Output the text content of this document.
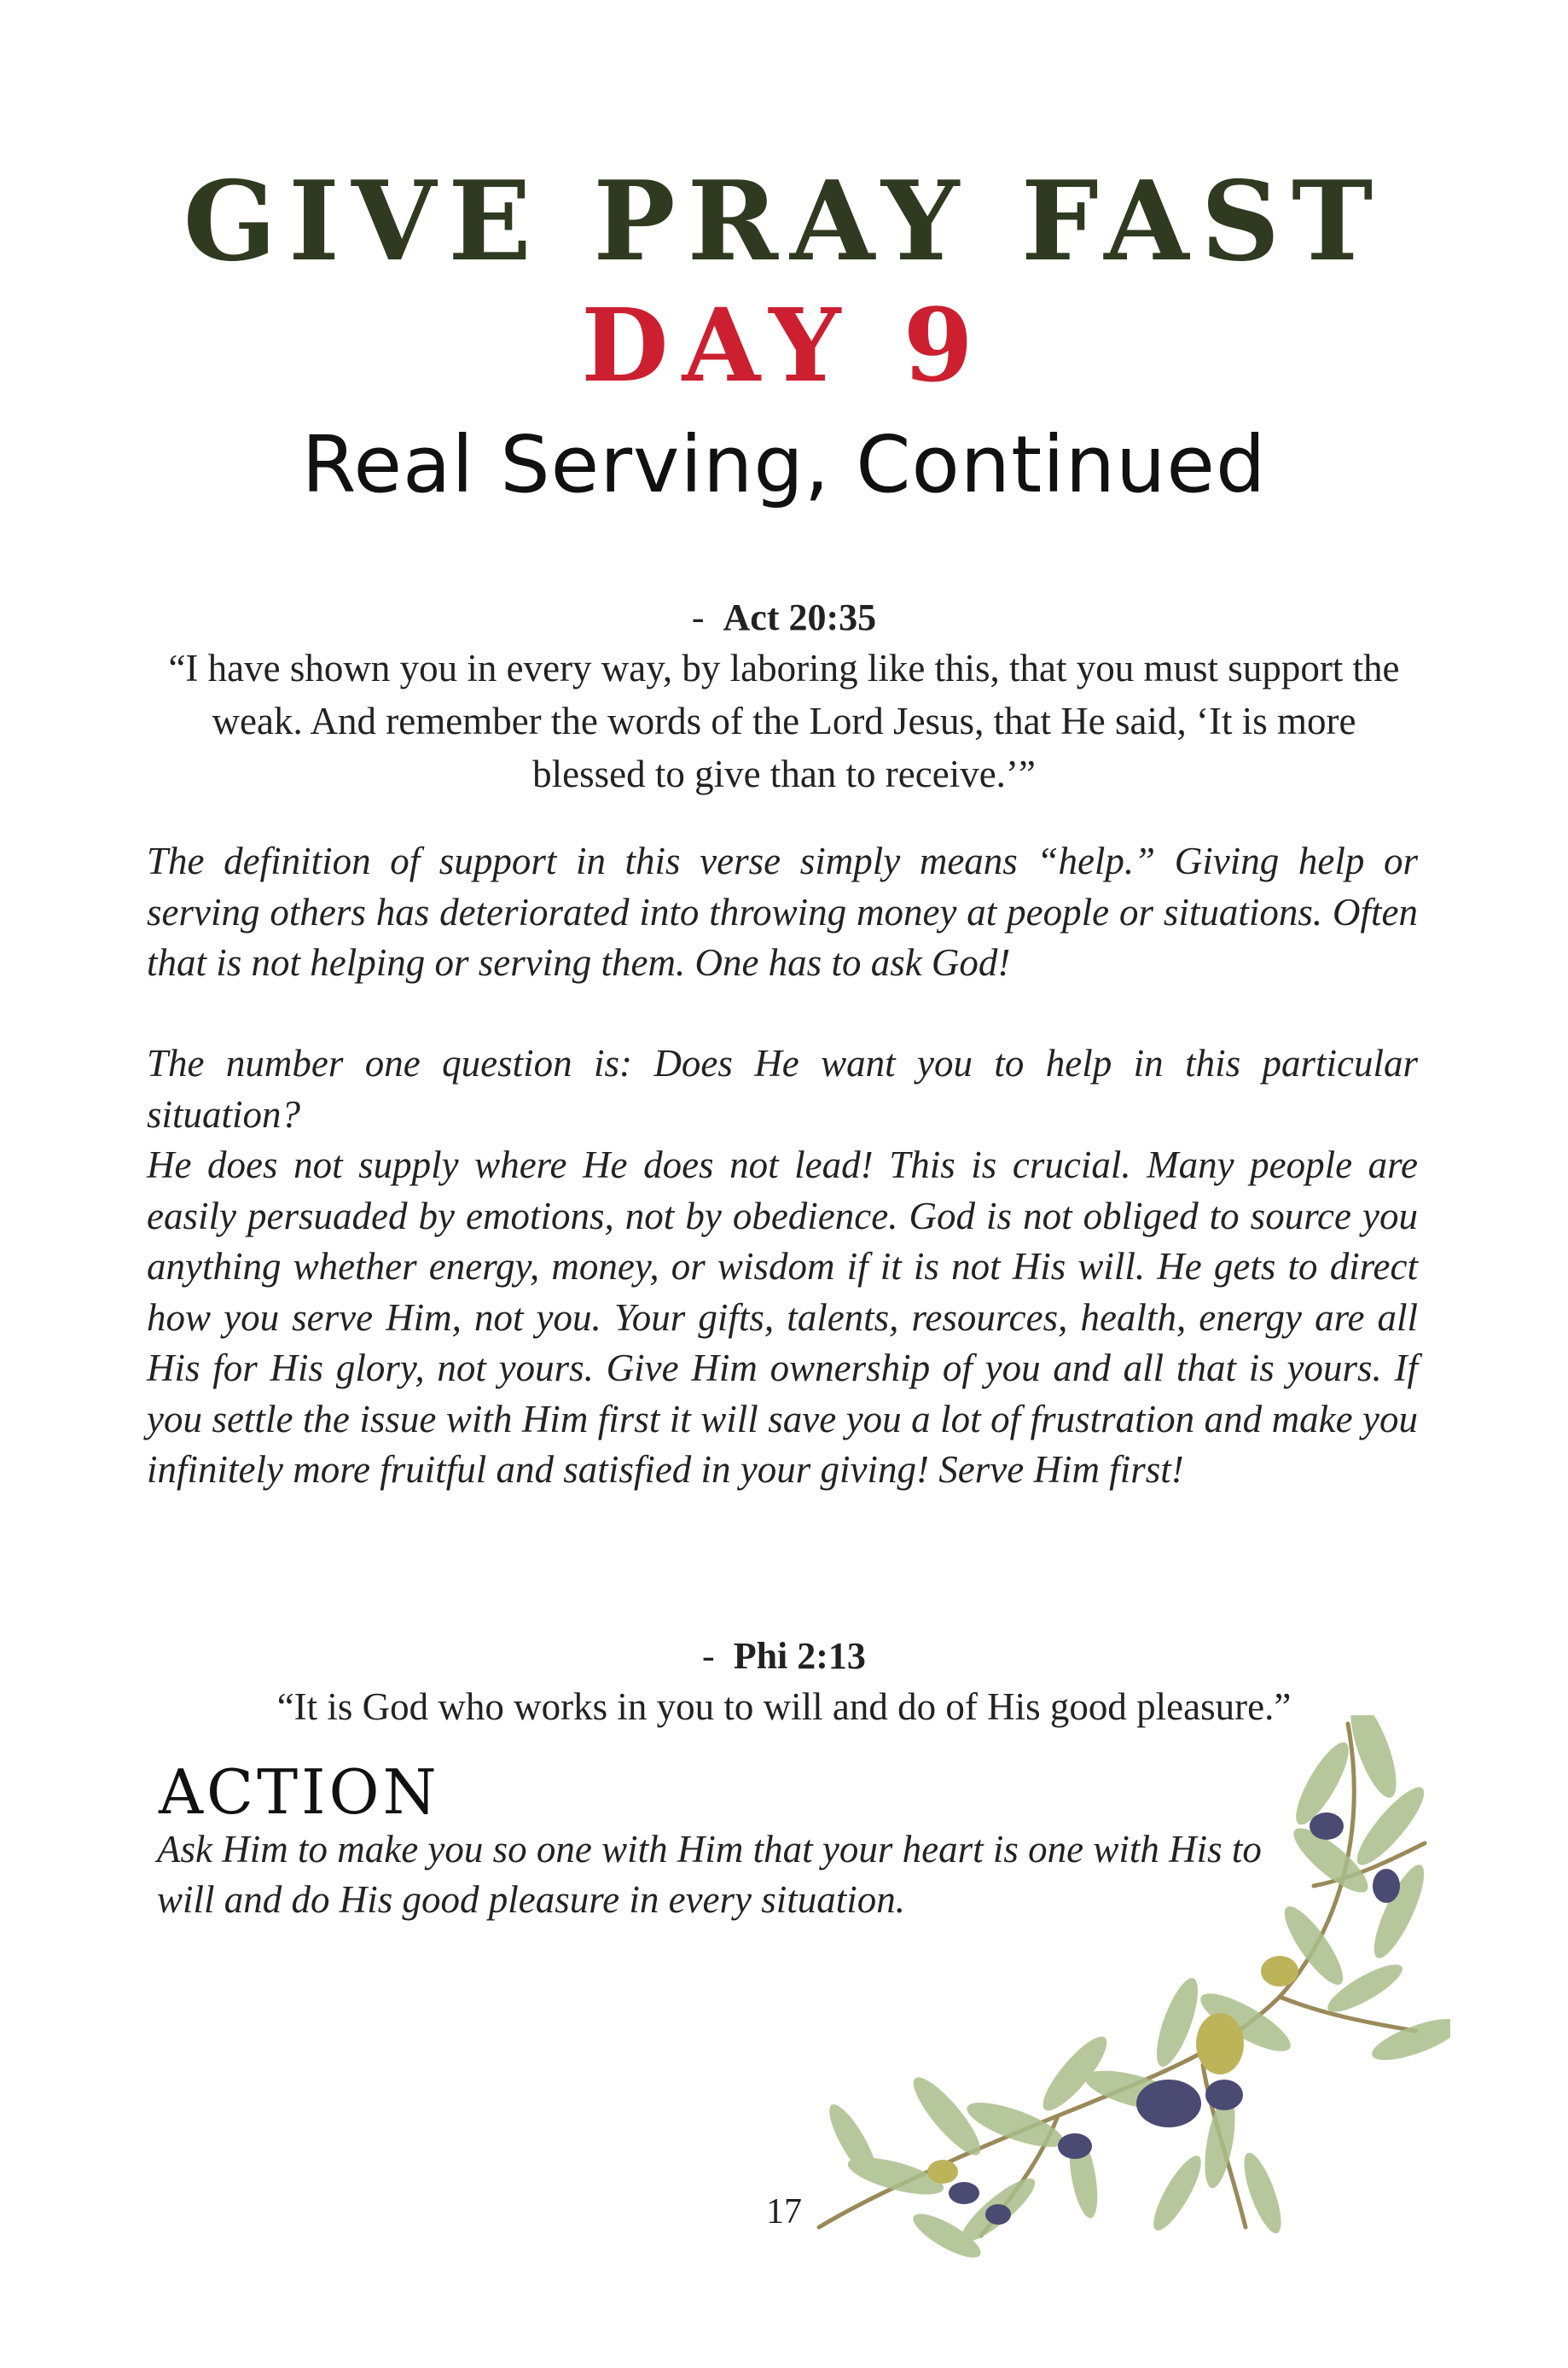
GIVE PRAY FAST
DAY 9
Real Serving, Continued
- Act 20:35

“I have shown you in every way, by laboring like this, that you must support the weak. And remember the words of the Lord Jesus, that He said, ‘It is more blessed to give than to receive.’”

The definition of support in this verse simply means “help.” Giving help or serving others has deteriorated into throwing money at people or situations. Often that is not helping or serving them. One has to ask God!

The number one question is: Does He want you to help in this particular situation?

He does not supply where He does not lead! This is crucial. Many people are easily persuaded by emotions, not by obedience. God is not obliged to source you anything whether energy, money, or wisdom if it is not His will. He gets to direct how you serve Him, not you. Your gifts, talents, resources, health, energy are all His for His glory, not yours. Give Him ownership of you and all that is yours. If you settle the issue with Him first it will save you a lot of frustration and make you infinitely more fruitful and satisfied in your giving! Serve Him first!

- Phi 2:13

“It is God who works in you to will and do of His good pleasure.”

ACTION

Ask Him to make you so one with Him that your heart is one with His to will and do His good pleasure in every situation.

17
